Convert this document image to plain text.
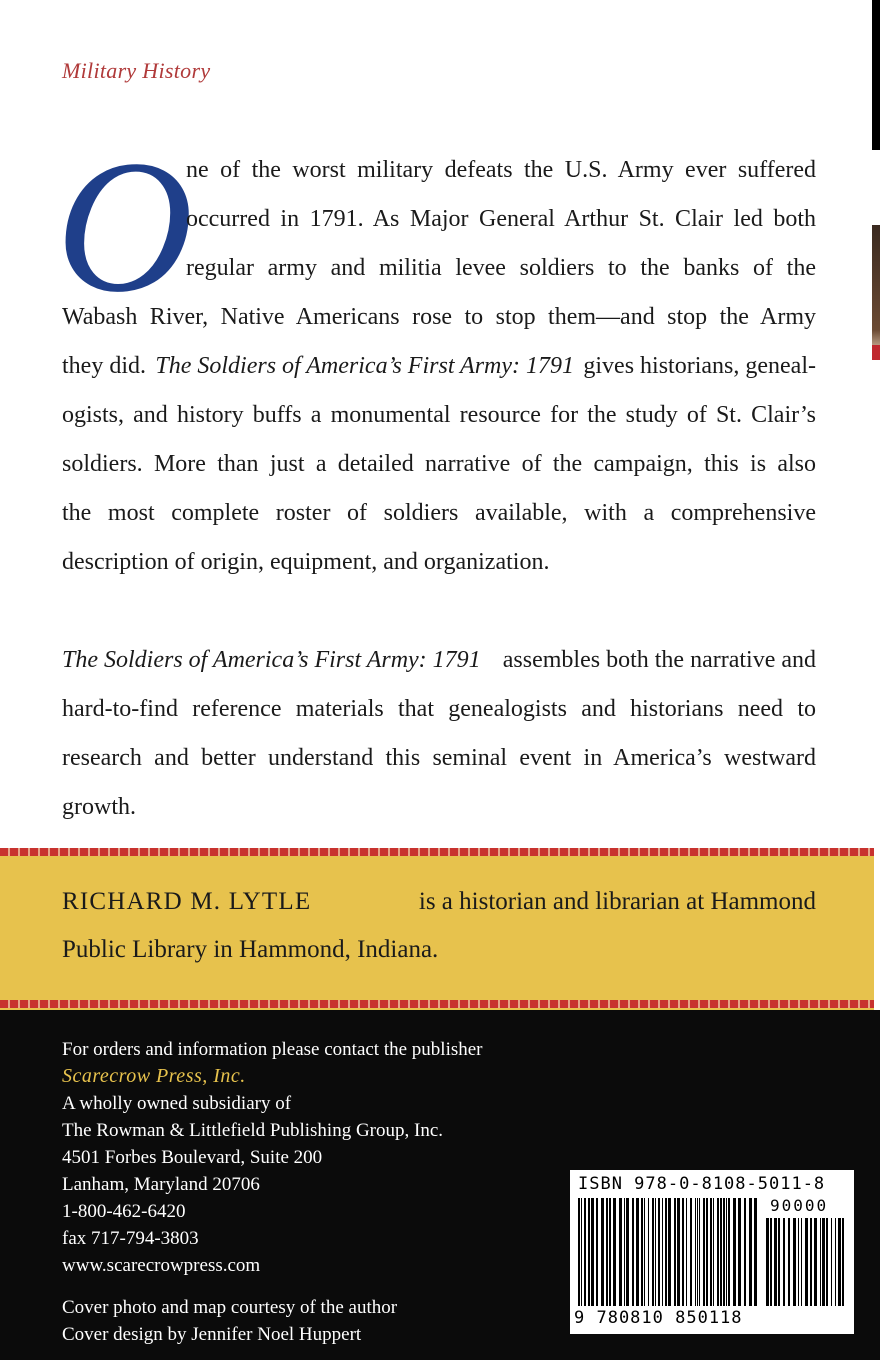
Military History
O
ne of the worst military defeats the U.S. Army ever suffered
occurred in 1791. As Major General Arthur St. Clair led both
regular army and militia levee soldiers to the banks of the
Wabash River, Native Americans rose to stop them—and stop the Army
they did. The Soldiers of America’s First Army: 1791 gives historians, geneal-
ogists, and history buffs a monumental resource for the study of St. Clair’s
soldiers. More than just a detailed narrative of the campaign, this is also
the most complete roster of soldiers available, with a comprehensive
description of origin, equipment, and organization.
The Soldiers of America’s First Army: 1791 assembles both the narrative and
hard-to-find reference materials that genealogists and historians need to
research and better understand this seminal event in America’s westward
growth.
RICHARD M. LYTLE	is a historian and librarian at Hammond
Public Library in Hammond, Indiana.
For orders and information please contact the publisher
Scarecrow Press, Inc.
A wholly owned subsidiary of
The Rowman & Littlefield Publishing Group, Inc.
4501 Forbes Boulevard, Suite 200
Lanham, Maryland 20706
1-800-462-6420
fax 717-794-3803
www.scarecrowpress.com
Cover photo and map courtesy of the author
Cover design by Jennifer Noel Huppert
ISBN 978-0-8108-5011-8
90000
9 780810 850118
